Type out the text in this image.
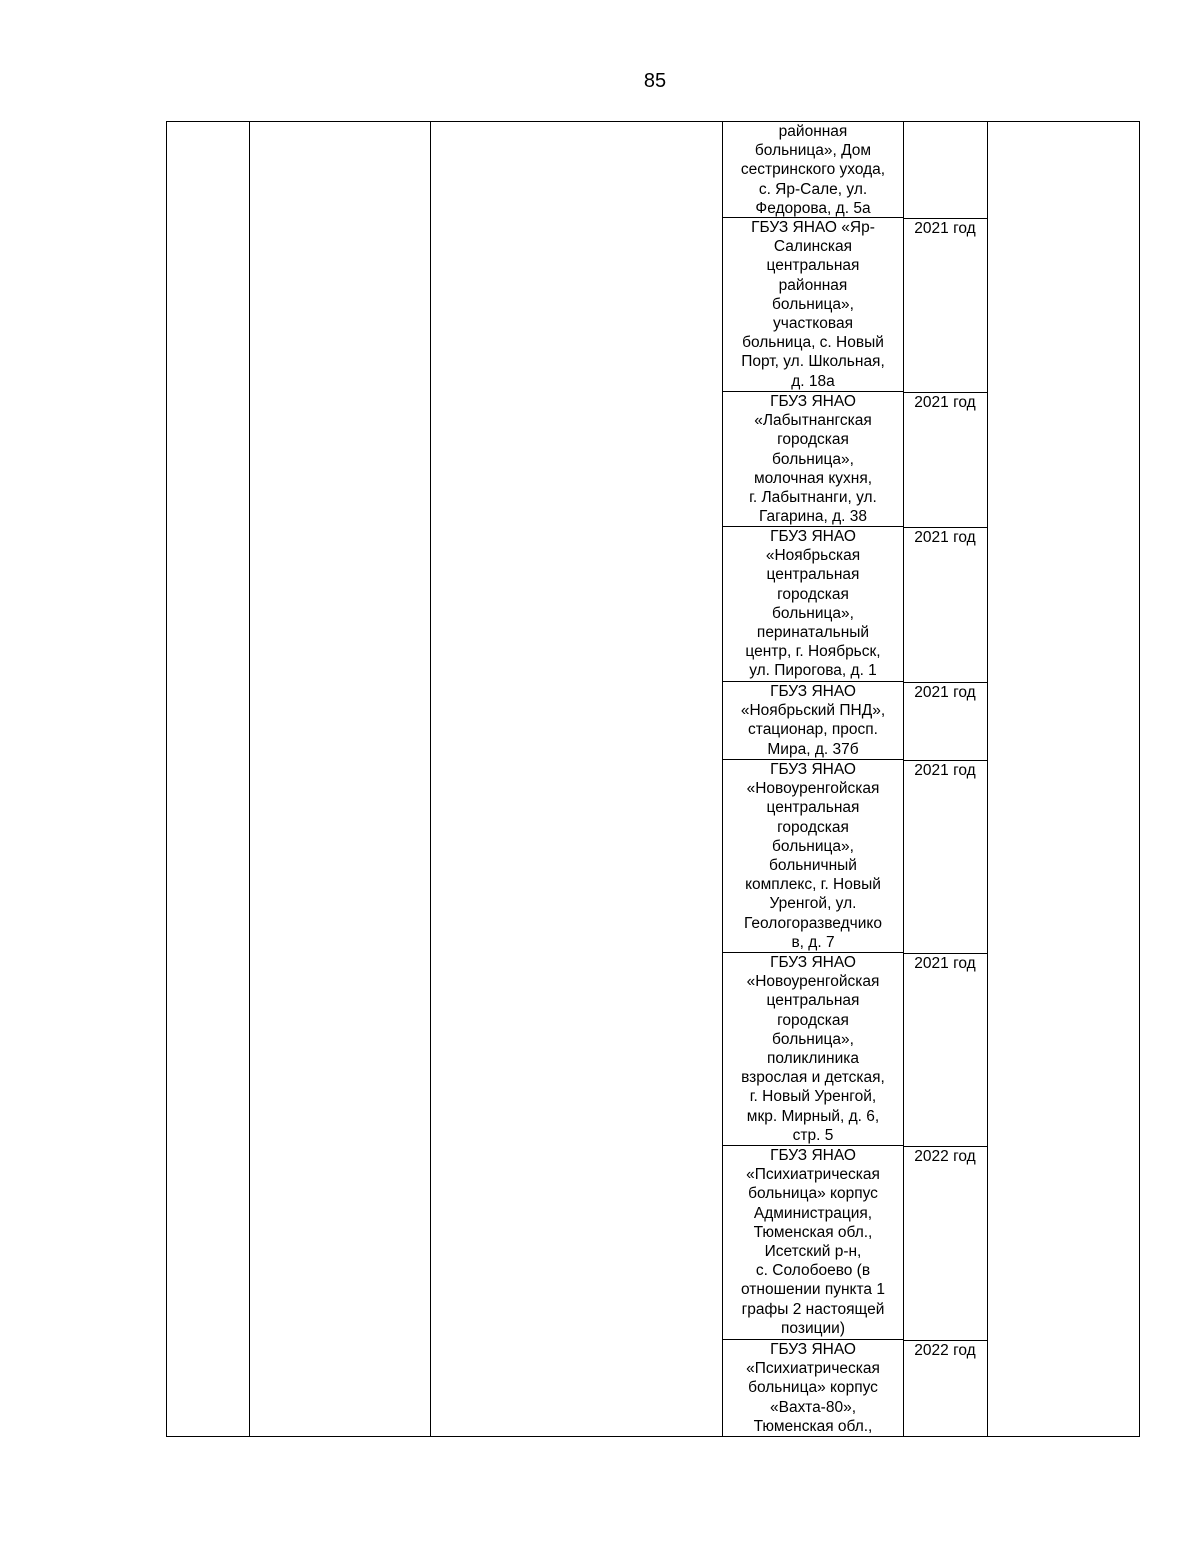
85
районная
больница», Дом
сестринского ухода,
с. Яр-Сале, ул.
Федорова, д. 5а
ГБУЗ ЯНАО «Яр-
Салинская
центральная
районная
больница»,
участковая
больница, с. Новый
Порт, ул. Школьная,
д. 18а
ГБУЗ ЯНАО
«Лабытнангская
городская
больница»,
молочная кухня,
г. Лабытнанги, ул.
Гагарина, д. 38
ГБУЗ ЯНАО
«Ноябрьская
центральная
городская
больница»,
перинатальный
центр, г. Ноябрьск,
ул. Пирогова, д. 1
ГБУЗ ЯНАО
«Ноябрьский ПНД»,
стационар, просп.
Мира, д. 37б
ГБУЗ ЯНАО
«Новоуренгойская
центральная
городская
больница»,
больничный
комплекс, г. Новый
Уренгой, ул.
Геологоразведчико
в, д. 7
ГБУЗ ЯНАО
«Новоуренгойская
центральная
городская
больница»,
поликлиника
взрослая и детская,
г. Новый Уренгой,
мкр. Мирный, д. 6,
стр. 5
ГБУЗ ЯНАО
«Психиатрическая
больница» корпус
Администрация,
Тюменская обл.,
Исетский р-н,
с. Солобоево (в
отношении пункта 1
графы 2 настоящей
позиции)
ГБУЗ ЯНАО
«Психиатрическая
больница» корпус
«Вахта-80»,
Тюменская обл.,
2021 год
2021 год
2021 год
2021 год
2021 год
2021 год
2022 год
2022 год
